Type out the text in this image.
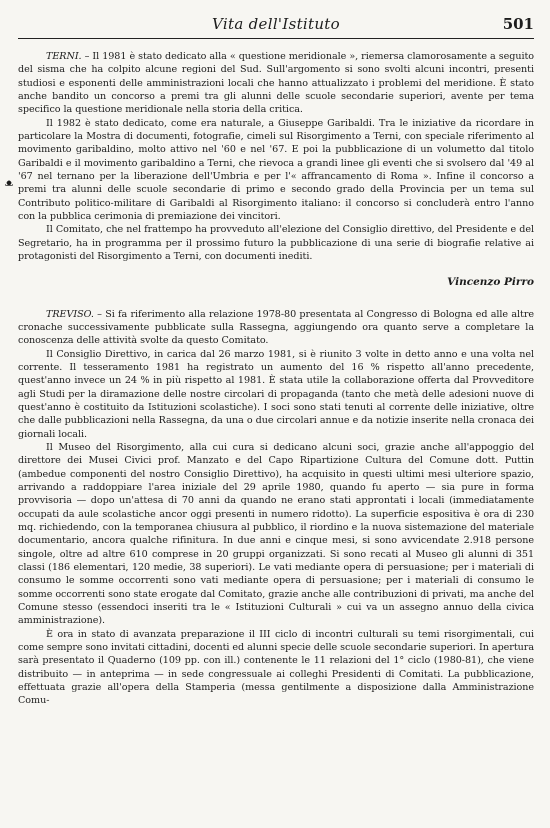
Vita dell'Istituto	501

TERNI. – Il 1981 è stato dedicato alla « questione meridionale », riemersa clamorosamente a seguito del sisma che ha colpito alcune regioni del Sud. Sull'argomento si sono svolti alcuni incontri, presenti studiosi e esponenti delle amministrazioni locali che hanno attualizzato i problemi del meridione. È stato anche bandito un concorso a premi tra gli alunni delle scuole secondarie superiori, avente per tema specifico la questione meridionale nella storia della critica.

Il 1982 è stato dedicato, come era naturale, a Giuseppe Garibaldi. Tra le iniziative da ricordare in particolare la Mostra di documenti, fotografie, cimeli sul Risorgimento a Terni, con speciale riferimento al movimento garibaldino, molto attivo nel '60 e nel '67. E poi la pubblicazione di un volumetto dal titolo Garibaldi e il movimento garibaldino a Terni, che rievoca a grandi linee gli eventi che si svolsero dal '49 al '67 nel ternano per la liberazione dell'Umbria e per l'« affrancamento di Roma ». Infine il concorso a premi tra alunni delle scuole secondarie di primo e secondo grado della Provincia per un tema sul Contributo politico-militare di Garibaldi al Risorgimento italiano: il concorso si concluderà entro l'anno con la pubblica cerimonia di premiazione dei vincitori.

ᴥ

Il Comitato, che nel frattempo ha provveduto all'elezione del Consiglio direttivo, del Presidente e del Segretario, ha in programma per il prossimo futuro la pubblicazione di una serie di biografie relative ai protagonisti del Risorgimento a Terni, con documenti inediti.

Vincenzo Pirro

TREVISO. – Si fa riferimento alla relazione 1978-80 presentata al Congresso di Bologna ed alle altre cronache successivamente pubblicate sulla Rassegna, aggiungendo ora quanto serve a completare la conoscenza delle attività svolte da questo Comitato.

Il Consiglio Direttivo, in carica dal 26 marzo 1981, si è riunito 3 volte in detto anno e una volta nel corrente. Il tesseramento 1981 ha registrato un aumento del 16 % rispetto all'anno precedente, quest'anno invece un 24 % in più rispetto al 1981. È stata utile la collaborazione offerta dal Provveditore agli Studi per la diramazione delle nostre circolari di propaganda (tanto che metà delle adesioni nuove di quest'anno è costituito da Istituzioni scolastiche). I soci sono stati tenuti al corrente delle iniziative, oltre che dalle pubblicazioni nella Rassegna, da una o due circolari annue e da notizie inserite nella cronaca dei giornali locali.

Il Museo del Risorgimento, alla cui cura si dedicano alcuni soci, grazie anche all'appoggio del direttore dei Musei Civici prof. Manzato e del Capo Ripartizione Cultura del Comune dott. Puttin (ambedue componenti del nostro Consiglio Direttivo), ha acquisito in questi ultimi mesi ulteriore spazio, arrivando a raddoppiare l'area iniziale del 29 aprile 1980, quando fu aperto — sia pure in forma provvisoria — dopo un'attesa di 70 anni da quando ne erano stati approntati i locali (immediatamente occupati da aule scolastiche ancor oggi presenti in numero ridotto). La superficie espositiva è ora di 230 mq. richiedendo, con la temporanea chiusura al pubblico, il riordino e la nuova sistemazione del materiale documentario, ancora qualche rifinitura. In due anni e cinque mesi, si sono avvicendate 2.918 persone singole, oltre ad altre 610 comprese in 20 gruppi organizzati. Si sono recati al Museo gli alunni di 351 classi (186 elementari, 120 medie, 38 superiori). Le vati mediante opera di persuasione; per i materiali di consumo le somme occorrenti sono vati mediante opera di persuasione; per i materiali di consumo le somme occorrenti sono state erogate dal Comitato, grazie anche alle contribuzioni di privati, ma anche del Comune stesso (essendoci inseriti tra le « Istituzioni Culturali » cui va un assegno annuo della civica amministrazione).

È ora in stato di avanzata preparazione il III ciclo di incontri culturali su temi risorgimentali, cui come sempre sono invitati cittadini, docenti ed alunni specie delle scuole secondarie superiori. In apertura sarà presentato il Quaderno (109 pp. con ill.) contenente le 11 relazioni del 1° ciclo (1980-81), che viene distribuito — in anteprima — in sede congressuale ai colleghi Presidenti di Comitati. La pubblicazione, effettuata grazie all'opera della Stamperia (messa gentilmente a disposizione dalla Amministrazione Comu-
